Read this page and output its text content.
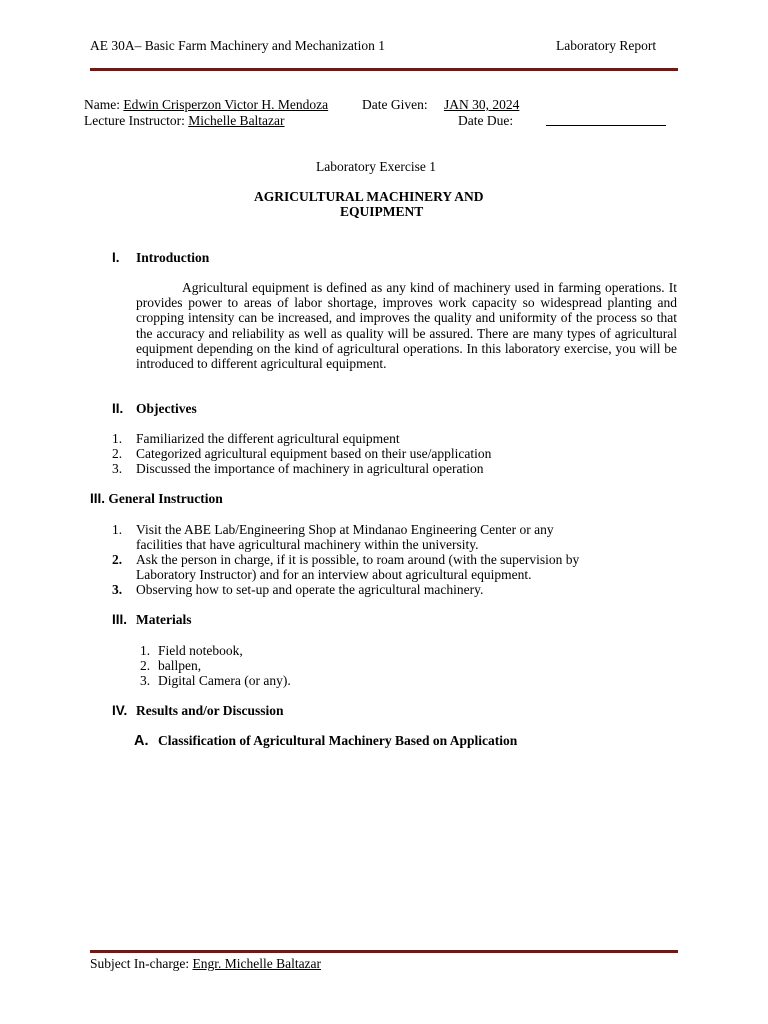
AE 30A– Basic Farm Machinery and Mechanization 1	Laboratory Report
Name: Edwin Crisperzon Victor H. Mendoza	Date Given: JAN 30, 2024
Lecture Instructor: Michelle Baltazar	Date Due:
Laboratory Exercise 1
AGRICULTURAL MACHINERY AND
EQUIPMENT
I. Introduction
Agricultural equipment is defined as any kind of machinery used in farming operations. It provides power to areas of labor shortage, improves work capacity so widespread planting and cropping intensity can be increased, and improves the quality and uniformity of the process so that the accuracy and reliability as well as quality will be assured. There are many types of agricultural equipment depending on the kind of agricultural operations. In this laboratory exercise, you will be introduced to different agricultural equipment.
II. Objectives
1.	Familiarized the different agricultural equipment
2.	Categorized agricultural equipment based on their use/application
3.	Discussed the importance of machinery in agricultural operation
III. General Instruction
1.	Visit the ABE Lab/Engineering Shop at Mindanao Engineering Center or any
facilities that have agricultural machinery within the university.
2.	Ask the person in charge, if it is possible, to roam around (with the supervision by
Laboratory Instructor) and for an interview about agricultural equipment.
3.	Observing how to set-up and operate the agricultural machinery.
III. Materials
1. Field notebook,
2. ballpen,
3. Digital Camera (or any).
IV. Results and/or Discussion
A. Classification of Agricultural Machinery Based on Application
Subject In-charge: Engr. Michelle Baltazar
